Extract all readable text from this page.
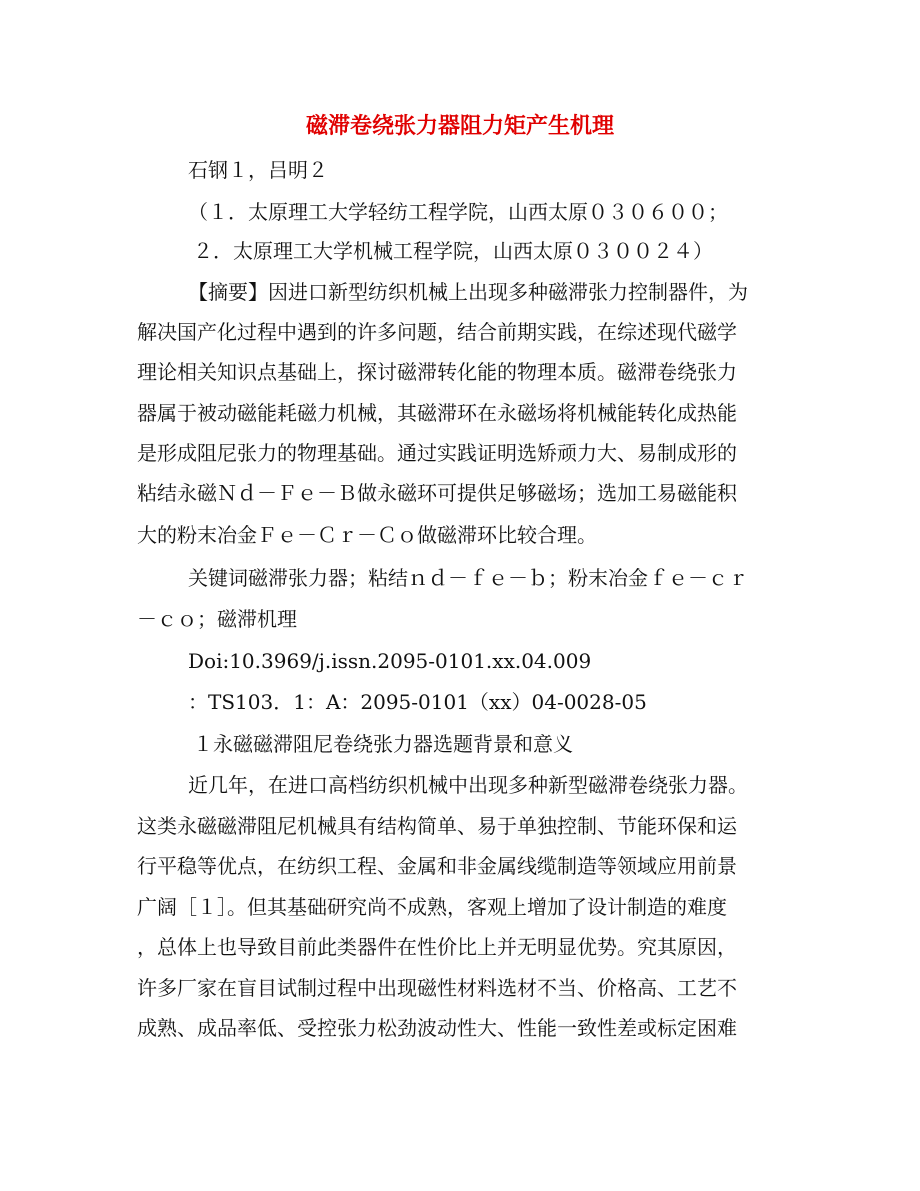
磁滞卷绕张力器阻力矩产生机理
石钢１，吕明２
（１．太原理工大学轻纺工程学院，山西太原０３０６００；
２．太原理工大学机械工程学院，山西太原０３００２４）
【摘要】因进口新型纺织机械上出现多种磁滞张力控制器件，为
解决国产化过程中遇到的许多问题，结合前期实践，在综述现代磁学
理论相关知识点基础上，探讨磁滞转化能的物理本质。磁滞卷绕张力
器属于被动磁能耗磁力机械，其磁滞环在永磁场将机械能转化成热能
是形成阻尼张力的物理基础。通过实践证明选矫顽力大、易制成形的
粘结永磁Ｎｄ－Ｆｅ－Ｂ做永磁环可提供足够磁场；选加工易磁能积
大的粉末冶金Ｆｅ－Ｃｒ－Ｃｏ做磁滞环比较合理。
关键词磁滞张力器；粘结ｎｄ－ｆｅ－ｂ；粉末冶金ｆｅ－ｃｒ
－ｃｏ；磁滞机理
Doi:10.3969/j.issn.2095-0101.xx.04.009
：TS103．1：A：2095-0101（xx）04-0028-05
１永磁磁滞阻尼卷绕张力器选题背景和意义
近几年，在进口高档纺织机械中出现多种新型磁滞卷绕张力器。
这类永磁磁滞阻尼机械具有结构简单、易于单独控制、节能环保和运
行平稳等优点，在纺织工程、金属和非金属线缆制造等领域应用前景
广阔［１］。但其基础研究尚不成熟，客观上增加了设计制造的难度
，总体上也导致目前此类器件在性价比上并无明显优势。究其原因，
许多厂家在盲目试制过程中出现磁性材料选材不当、价格高、工艺不
成熟、成品率低、受控张力松劲波动性大、性能一致性差或标定困难
